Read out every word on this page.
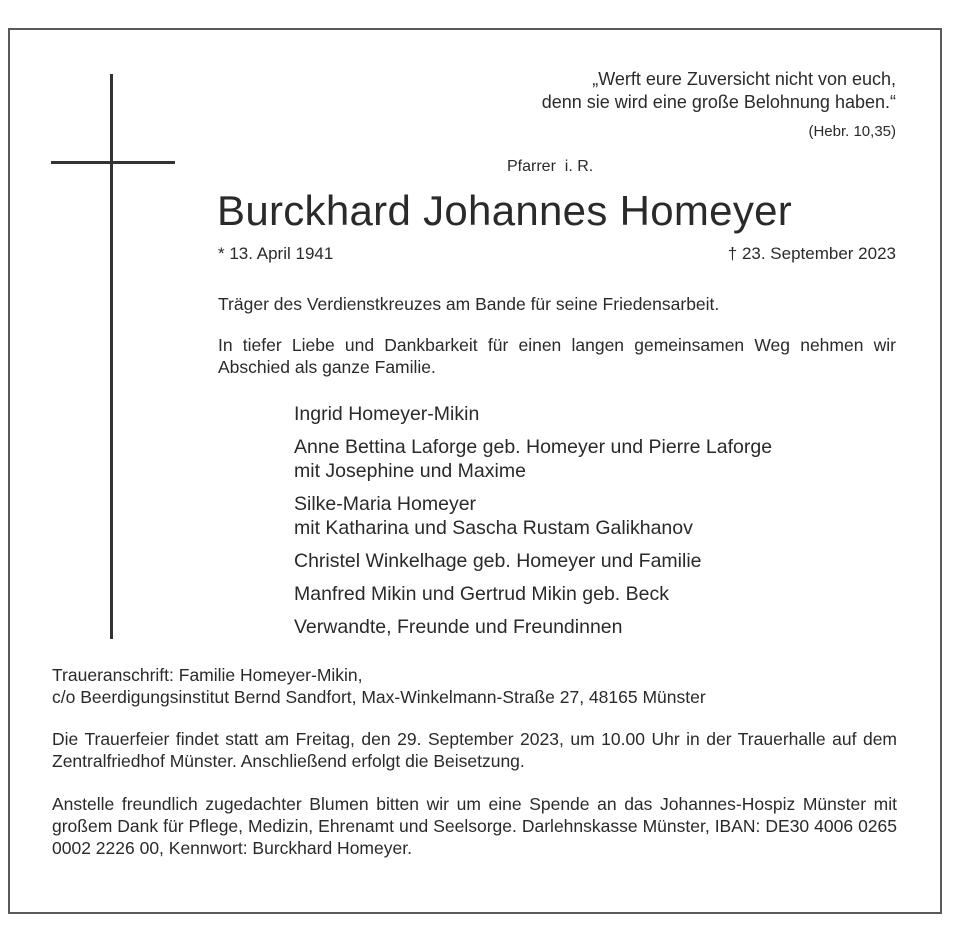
„Werft eure Zuversicht nicht von euch,
denn sie wird eine große Belohnung haben.“
(Hebr. 10,35)
Pfarrer  i. R.
Burckhard Johannes Homeyer
* 13. April 1941	† 23. September 2023
Träger des Verdienstkreuzes am Bande für seine Friedensarbeit.
In tiefer Liebe und Dankbarkeit für einen langen gemeinsamen Weg nehmen wir Abschied als ganze Familie.
Ingrid Homeyer-Mikin
Anne Bettina Laforge geb. Homeyer und Pierre Laforge
mit Josephine und Maxime
Silke-Maria Homeyer
mit Katharina und Sascha Rustam Galikhanov
Christel Winkelhage geb. Homeyer und Familie
Manfred Mikin und Gertrud Mikin geb. Beck
Verwandte, Freunde und Freundinnen
Traueranschrift: Familie Homeyer-Mikin,
c/o Beerdigungsinstitut Bernd Sandfort, Max-Winkelmann-Straße 27, 48165 Münster
Die Trauerfeier findet statt am Freitag, den 29. September 2023, um 10.00 Uhr in der Trauerhalle auf dem Zentralfriedhof Münster. Anschließend erfolgt die Beisetzung.
Anstelle freundlich zugedachter Blumen bitten wir um eine Spende an das Johannes-Hospiz Münster mit großem Dank für Pflege, Medizin, Ehrenamt und Seelsorge. Darlehnskasse Münster, IBAN: DE30 4006 0265 0002 2226 00, Kennwort: Burckhard Homeyer.
